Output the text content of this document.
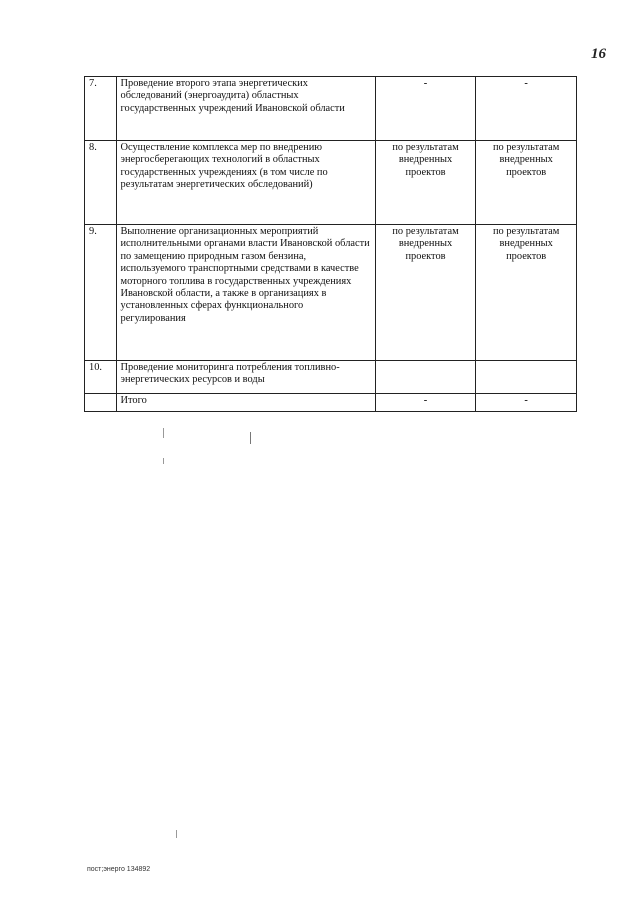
16
7.	Проведение второго этапа энергетических обследований (энергоаудита) областных государственных учреждений Ивановской области	-	-
8.	Осуществление комплекса мер по внедрению энергосберегающих технологий в областных государственных учреждениях (в том числе по результатам энергетических обследований)	по результатам внедренных проектов	по результатам внедренных проектов
9.	Выполнение организационных мероприятий исполнительными органами власти Ивановской области по замещению природным газом бензина, используемого транспортными средствами в качестве моторного топлива в государственных учреждениях Ивановской области, а также в организациях в установленных сферах функционального регулирования	по результатам внедренных проектов	по результатам внедренных проектов
10.	Проведение мониторинга потребления топливно-энергетических ресурсов и воды		
	Итого	-	-
пост;энерго 134892
